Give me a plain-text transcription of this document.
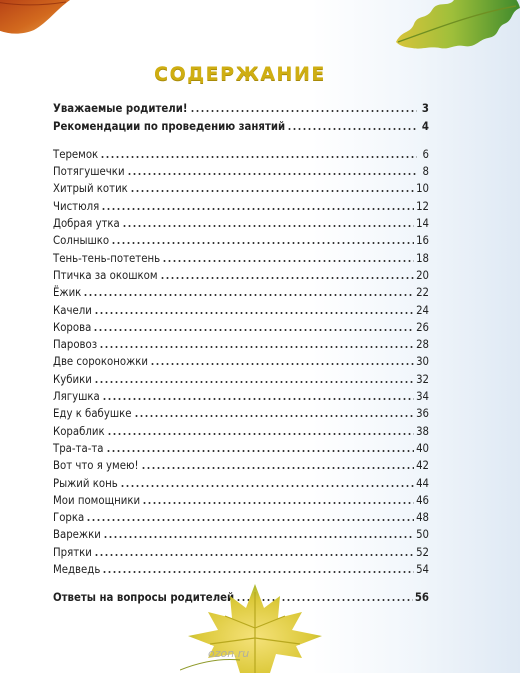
СОДЕРЖАНИЕ
Уважаемые родители!	3
Рекомендации по проведению занятий	4
Теремок	6
Потягушечки	8
Хитрый котик	10
Чистюля	12
Добрая утка	14
Солнышко	16
Тень-тень-потетень	18
Птичка за окошком	20
Ёжик	22
Качели	24
Корова	26
Паровоз	28
Две сороконожки	30
Кубики	32
Лягушка	34
Еду к бабушке	36
Кораблик	38
Тра-та-та	40
Вот что я умею!	42
Рыжий конь	44
Мои помощники	46
Горка	48
Варежки	50
Прятки	52
Медведь	54
Ответы на вопросы родителей	56
ozon.ru
